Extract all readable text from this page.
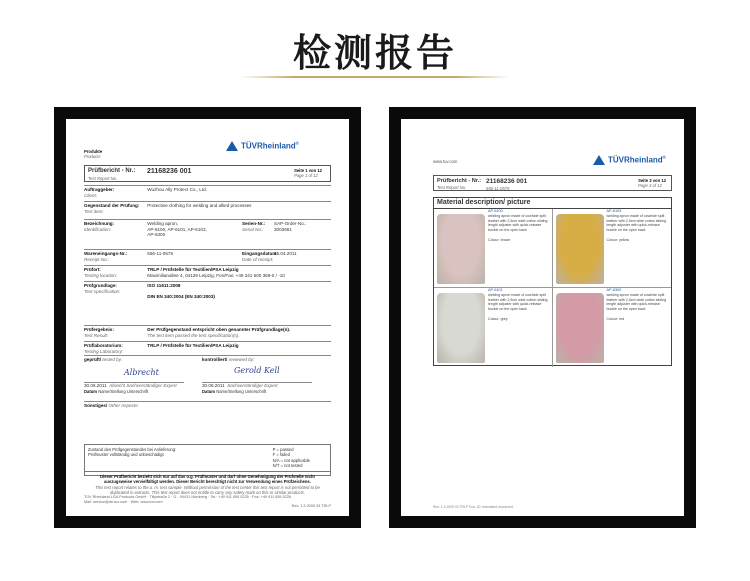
检测报告
TÜVRheinland®
Produkte
Products
Prüfbericht - Nr.:
Test Report No.
21168236 001	Seite 1 von 12
Page 1 of 12
Auftraggeber:
Client: Wuzhou Ally Protect Co., Ltd.
Gegenstand der Prüfung:
Test item: Protective clothing for welding and allied processes
Bezeichnung:
Identification: Welding apron,
AP-6100, AP-6101, AP-6103,
AP-6300
Serien-Nr.:
Serial No.:
SAP-Order-No.:
3003661
Wareneingangs-Nr.:
Receipt No.: 556-11-0575	Eingangsdatum:
Date of receipt:
15.04.2011
Prüfort:
Testing location: TRLP / Prüfstelle für Textilien/PSA Leipzig
Maximilianallee 4, 04129 Leipzig, Fon/Fax: +49 341 600 369-0 / -10
Prüfgrundlage:
Test specification: ISO 11611:2008

DIN EN 340:2004 (EN 340:2003)
Prüfergebnis:
Test Result: Der Prüfgegenstand entspricht oben genannter Prüfgrundlage(n).
The test item passed the test specification(s).
Prüflaboratorium:
Testing Laboratory: TRLP / Prüfstelle für Textilien/PSA Leipzig
geprüft/ tested by:	kontrolliert/ reviewed by:
Albrecht	Gerold Kell
30.06.2011 Abrecht Sachverständiger Expert
Datum Name/Stellung Unterschrift
30.06.2011 Sachverständiger Expert
Datum Name/Stellung Unterschrift
Sonstiges/ Other Aspects:
Zustand des Prüfgegenstandes bei Anlieferung:
Prüfmuster vollständig und unbeschädigt
P = passed
F = failed
N/A = not applicable
N/T = not tested
Dieser Prüfbericht bezieht sich nur auf das o.g. Prüfmuster und darf ohne Genehmigung der Prüfstelle nicht
auszugsweise vervielfältigt werden. Dieser Bericht berechtigt nicht zur Verwendung eines Prüfzeichens.
This test report relates to the a. m. test sample. Without permission of the test center this test report is not permitted to be
duplicated in extracts. This test report does not entitle to carry any safety mark on this or similar products.
TÜV Rheinland LGA Products GmbH · Tillystraße 2 · D - 90431 Nürnberg · Tel.: +49 911 655 5225 · Fax: +49 911 655 5226
Mail: service@de.tuv.com · Web: www.tuv.com
Rev. 1.3 2009 03 TRLP
www.tuv.com	TÜVRheinland®
Prüfbericht - Nr.:
Test Report No.
21168236 001
556-11-0575
Seite 3 von 12
Page 3 of 12
Material description/ picture
AP-6100
welding apron made of cowhide split leather with 2,5cm wide cotton sliding length adjuster with quick-release buckle on the open back
Colour: brown
AP-6103
welding apron made of cowhide split leather with 2,5cm wide cotton sliding length adjuster with quick-release buckle on the open back
Colour: yellow
AP-6101
welding apron made of cowhide split leather with 2,5cm wide cotton sliding length adjuster with quick-release buckle on the open back
Colour: grey
AP-6300
welding apron made of cowhide split leather with 2,5cm wide cotton sliding length adjuster with quick-release buckle on the open back
Colour: red
Rev. 1.3 2009 03 TRLP Doc.-ID: translated document
